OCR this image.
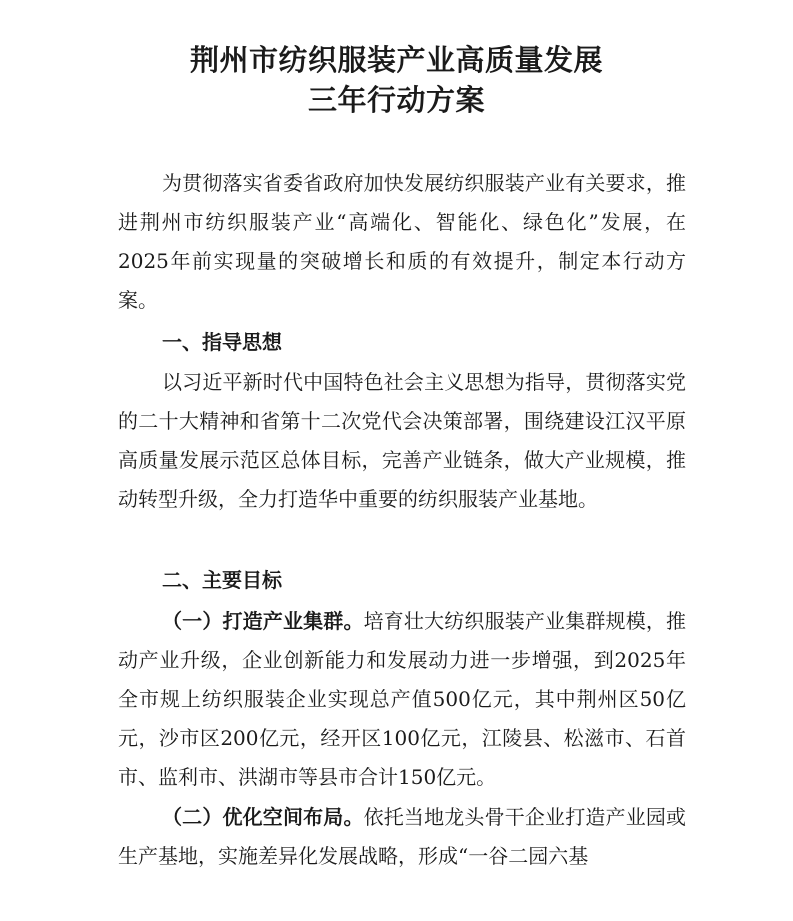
荆州市纺织服装产业高质量发展
三年行动方案

为贯彻落实省委省政府加快发展纺织服装产业有关要求，推进荆州市纺织服装产业“高端化、智能化、绿色化”发展，在2025年前实现量的突破增长和质的有效提升，制定本行动方案。

一、指导思想

以习近平新时代中国特色社会主义思想为指导，贯彻落实党的二十大精神和省第十二次党代会决策部署，围绕建设江汉平原高质量发展示范区总体目标，完善产业链条，做大产业规模，推动转型升级，全力打造华中重要的纺织服装产业基地。

二、主要目标

（一）打造产业集群。培育壮大纺织服装产业集群规模，推动产业升级，企业创新能力和发展动力进一步增强，到2025年全市规上纺织服装企业实现总产值500亿元，其中荆州区50亿元，沙市区200亿元，经开区100亿元，江陵县、松滋市、石首市、监利市、洪湖市等县市合计150亿元。

（二）优化空间布局。依托当地龙头骨干企业打造产业园或生产基地，实施差异化发展战略，形成“一谷二园六基
